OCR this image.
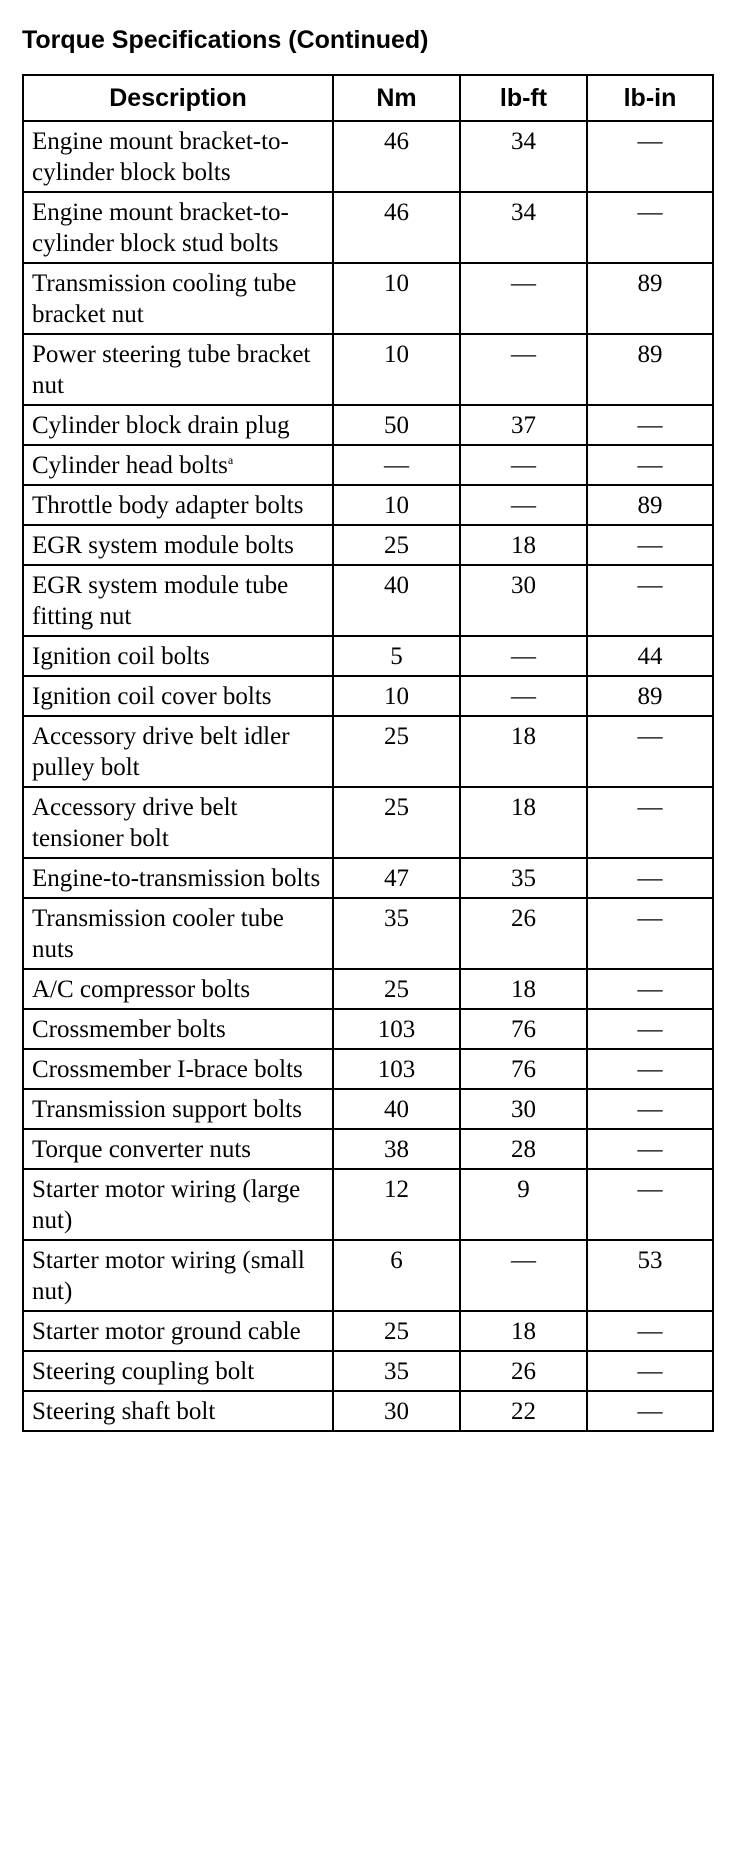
Torque Specifications (Continued)
Description	Nm	lb-ft	lb-in
Engine mount bracket-to-cylinder block bolts	46	34	—
Engine mount bracket-to-cylinder block stud bolts	46	34	—
Transmission cooling tube bracket nut	10	—	89
Power steering tube bracket nut	10	—	89
Cylinder block drain plug	50	37	—
Cylinder head bolts$^a$	—	—	—
Throttle body adapter bolts	10	—	89
EGR system module bolts	25	18	—
EGR system module tube fitting nut	40	30	—
Ignition coil bolts	5	—	44
Ignition coil cover bolts	10	—	89
Accessory drive belt idler pulley bolt	25	18	—
Accessory drive belt tensioner bolt	25	18	—
Engine-to-transmission bolts	47	35	—
Transmission cooler tube nuts	35	26	—
A/C compressor bolts	25	18	—
Crossmember bolts	103	76	—
Crossmember I-brace bolts	103	76	—
Transmission support bolts	40	30	—
Torque converter nuts	38	28	—
Starter motor wiring (large nut)	12	9	—
Starter motor wiring (small nut)	6	—	53
Starter motor ground cable	25	18	—
Steering coupling bolt	35	26	—
Steering shaft bolt	30	22	—
